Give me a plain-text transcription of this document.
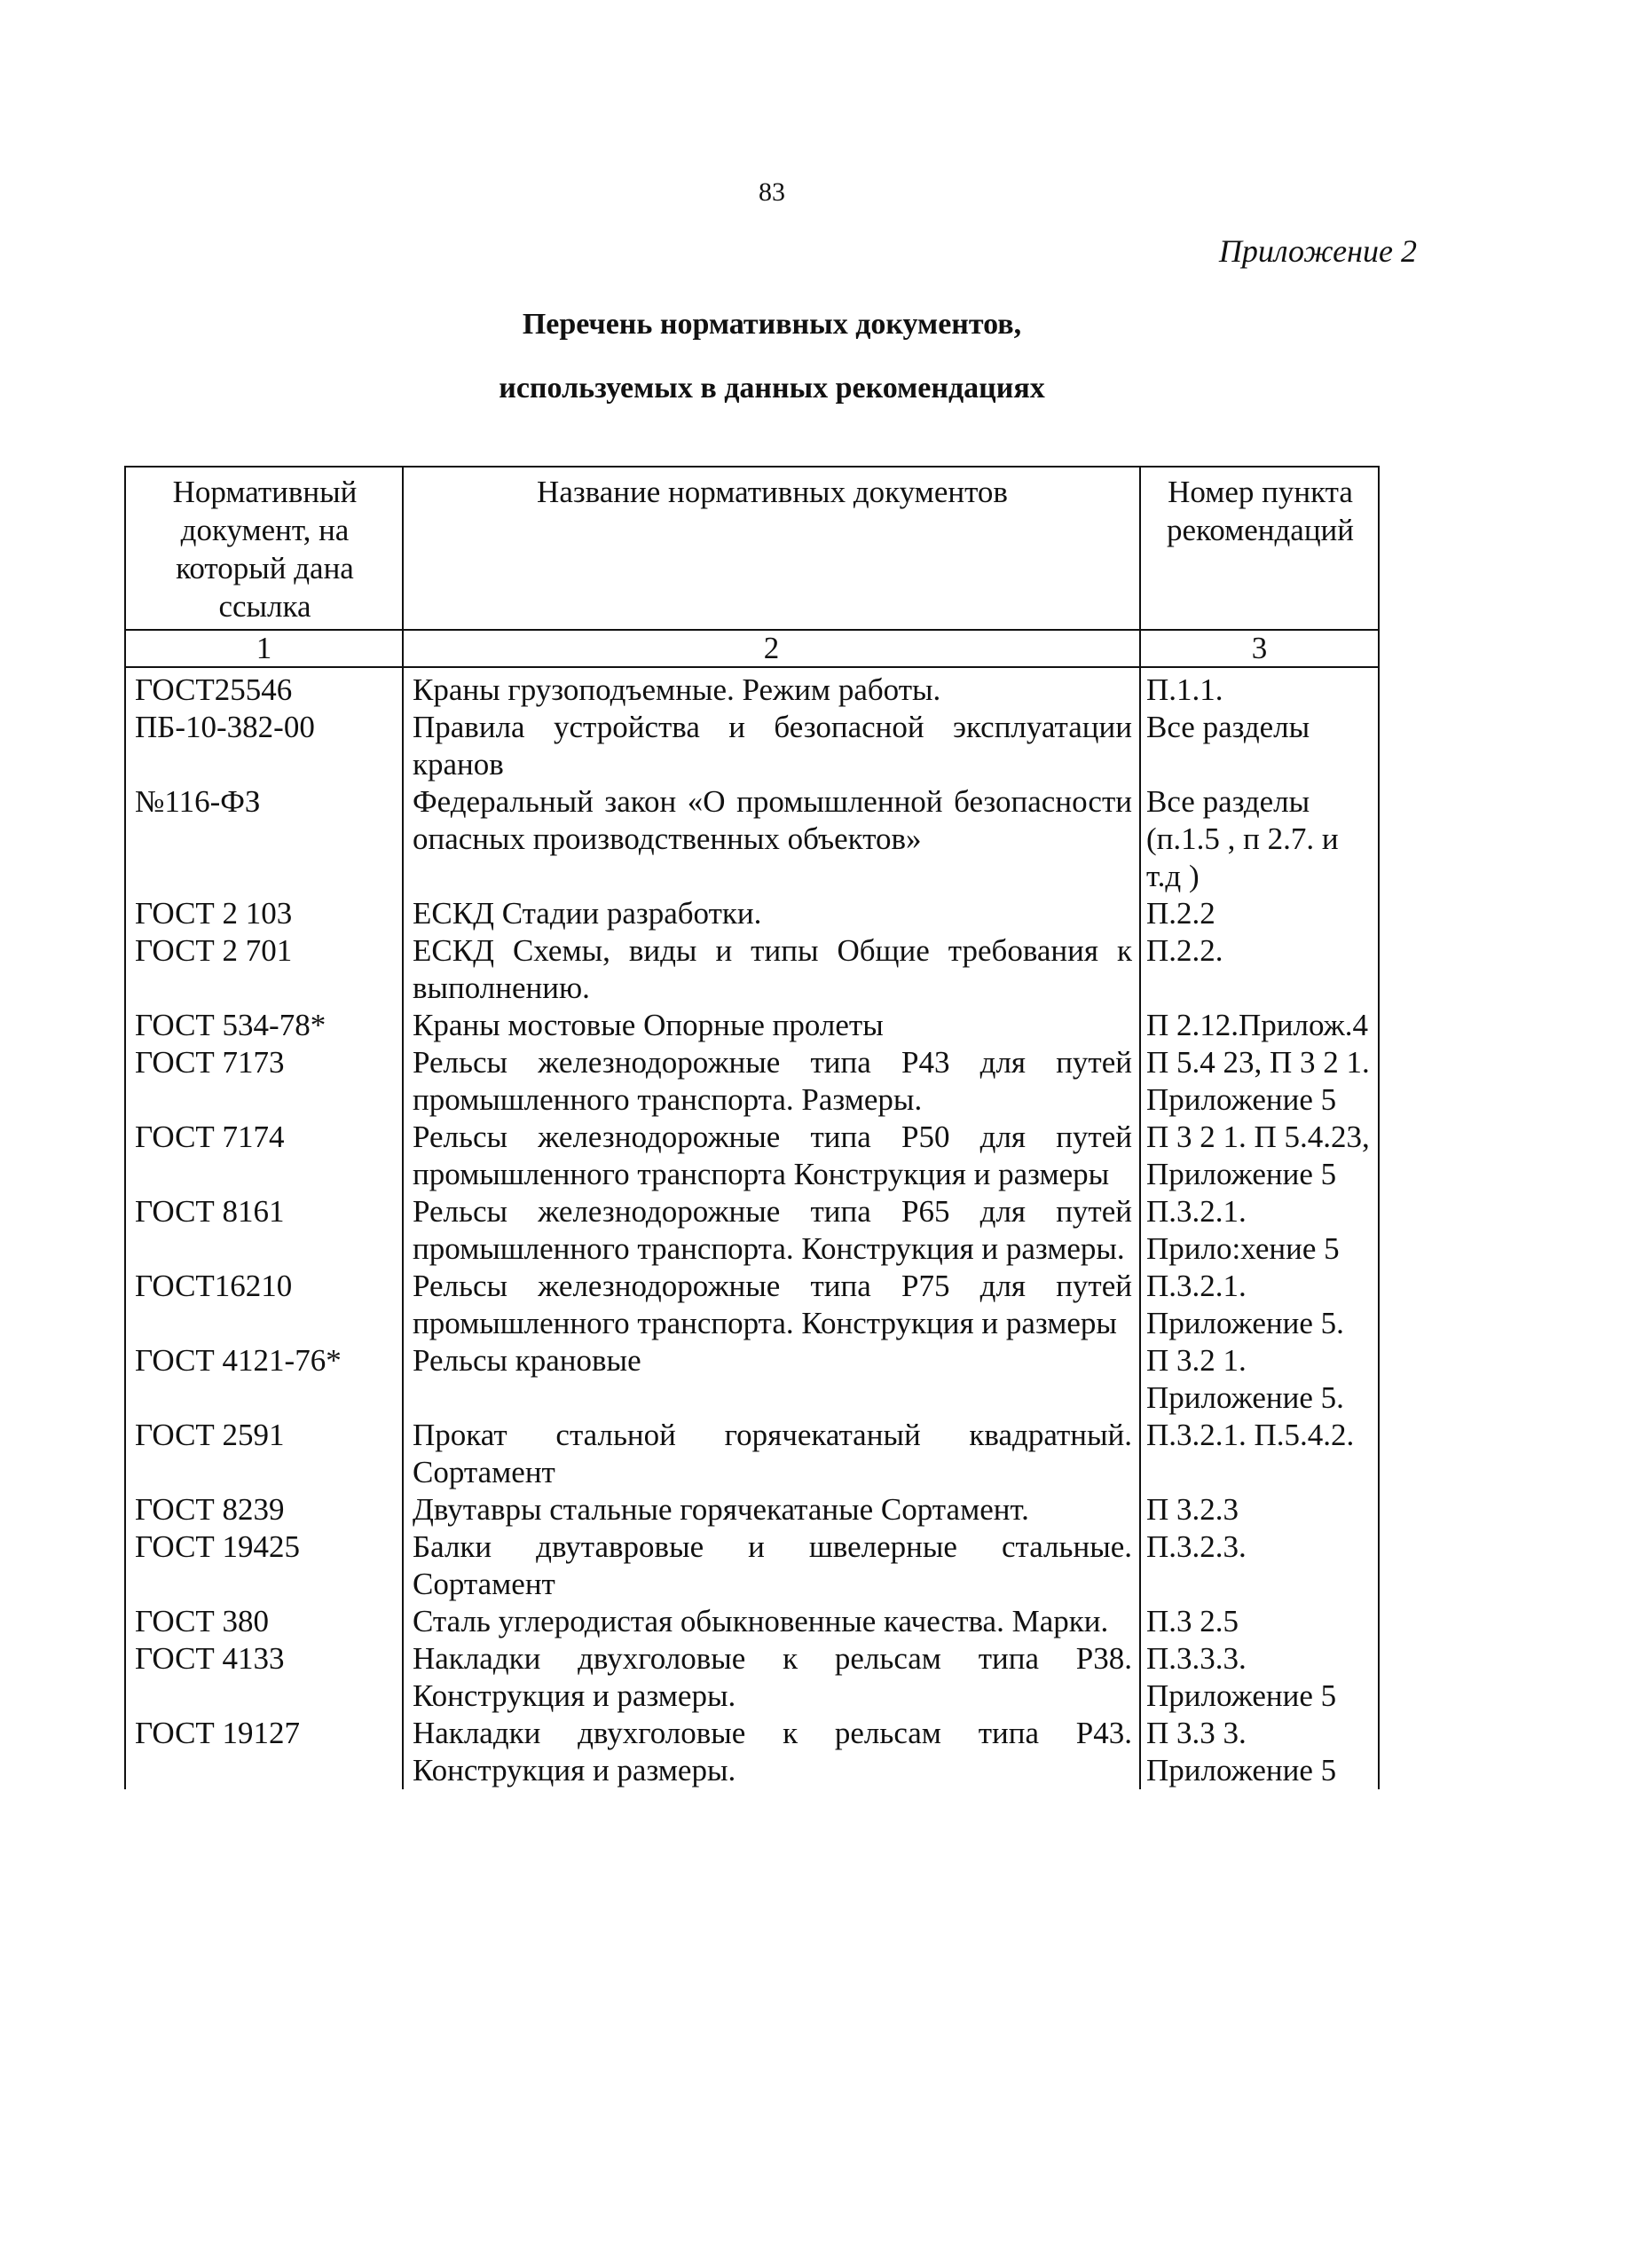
83
Приложение 2
Перечень нормативных документов,
используемых в данных рекомендациях
Нормативный документ, на который дана ссылка	Название нормативных документов	Номер пункта рекомендаций
1	2	3
ГОСТ25546	Краны грузоподъемные. Режим работы.	П.1.1.
ПБ-10-382-00	Правила устройства и безопасной эксплуатации кранов	Все разделы
№116-ФЗ	Федеральный закон «О промышленной безопасности опасных производственных объектов»	Все разделы (п.1.5 , п 2.7. и т.д )
ГОСТ 2 103	ЕСКД Стадии разработки.	П.2.2
ГОСТ 2 701	ЕСКД Схемы, виды и типы Общие требования к выполнению.	П.2.2.
ГОСТ 534-78*	Краны мостовые Опорные пролеты	П 2.12.Прилож.4
ГОСТ 7173	Рельсы железнодорожные типа Р43 для путей промышленного транспорта. Размеры.	П 5.4 23, П 3 2 1. Приложение 5
ГОСТ 7174	Рельсы железнодорожные типа Р50 для путей промышленного транспорта Конструкция и размеры	П 3 2 1. П 5.4.23, Приложение 5
ГОСТ 8161	Рельсы железнодорожные типа Р65 для путей промышленного транспорта. Конструкция и размеры.	П.3.2.1. Прило:хение 5
ГОСТ16210	Рельсы железнодорожные типа Р75 для путей промышленного транспорта. Конструкция и размеры	П.3.2.1. Приложение 5.
ГОСТ 4121-76*	Рельсы крановые	П 3.2 1. Приложение 5.
ГОСТ 2591	Прокат стальной горячекатаный квадратный. Сортамент	П.3.2.1. П.5.4.2.
ГОСТ 8239	Двутавры стальные горячекатаные Сортамент.	П 3.2.3
ГОСТ 19425	Балки двутавровые и швелерные стальные. Сортамент	П.3.2.3.
ГОСТ 380	Сталь углеродистая обыкновенные качества. Марки.	П.3 2.5
ГОСТ 4133	Накладки двухголовые к рельсам типа Р38. Конструкция и размеры.	П.3.3.3. Приложение 5
ГОСТ 19127	Накладки двухголовые к рельсам типа Р43. Конструкция и размеры.	П 3.3 3. Приложение 5
